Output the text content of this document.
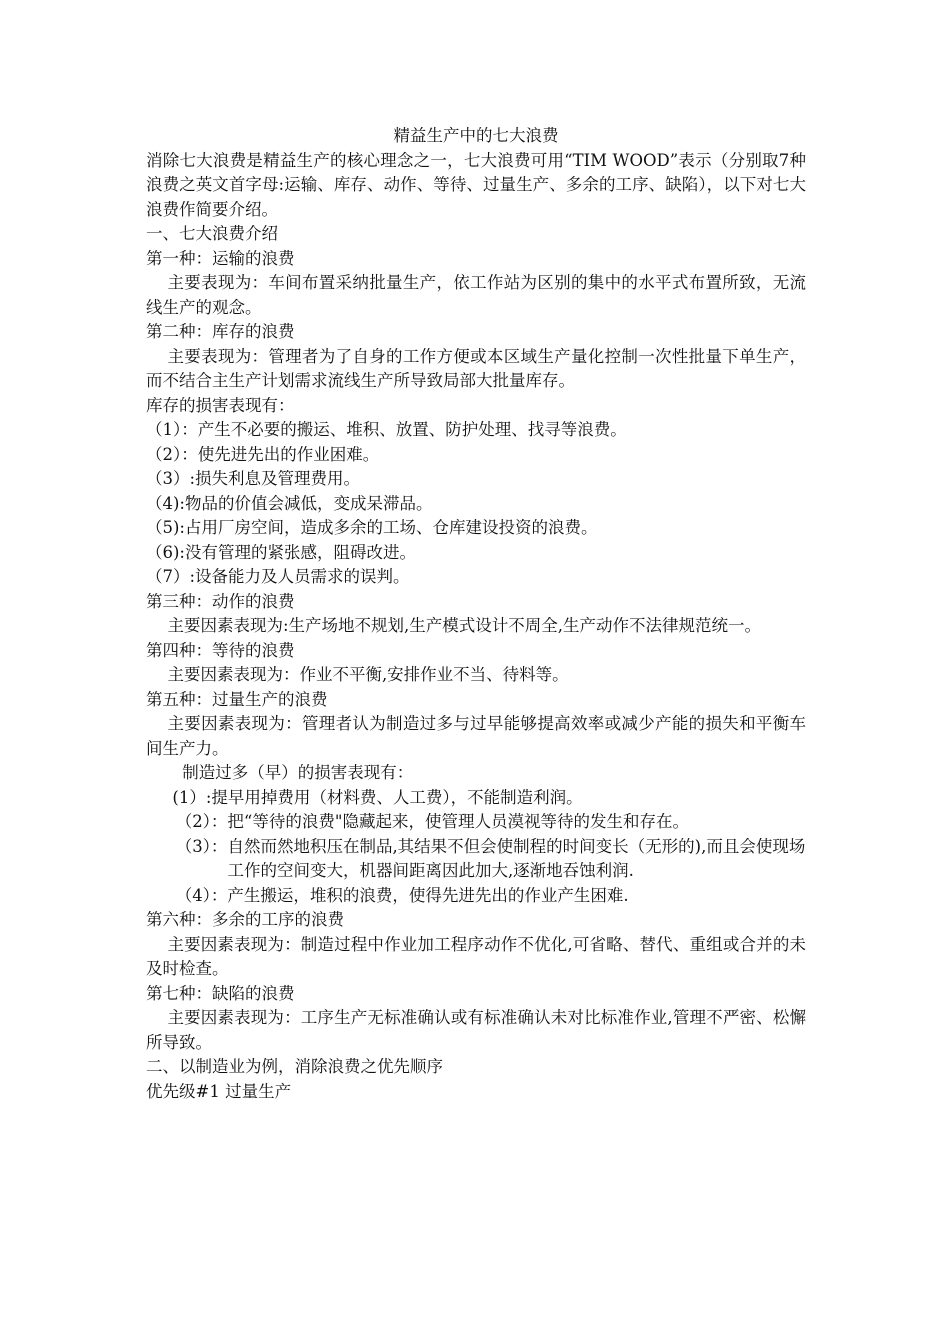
精益生产中的七大浪费

消除七大浪费是精益生产的核心理念之一，七大浪费可用“TIM WOOD”表示（分别取7种浪费之英文首字母:运输、库存、动作、等待、过量生产、多余的工序、缺陷），以下对七大浪费作简要介绍。

一、七大浪费介绍

第一种：运输的浪费

主要表现为：车间布置采纳批量生产，依工作站为区别的集中的水平式布置所致，无流线生产的观念。

第二种：库存的浪费

主要表现为：管理者为了自身的工作方便或本区域生产量化控制一次性批量下单生产，而不结合主生产计划需求流线生产所导致局部大批量库存。

库存的损害表现有：

（1）：产生不必要的搬运、堆积、放置、防护处理、找寻等浪费。

（2）：使先进先出的作业困难。

（3）:损失利息及管理费用。

（4):物品的价值会减低，变成呆滞品。

（5):占用厂房空间，造成多余的工场、仓库建设投资的浪费。

（6):没有管理的紧张感，阻碍改进。

（7）:设备能力及人员需求的误判。

第三种：动作的浪费

主要因素表现为:生产场地不规划,生产模式设计不周全,生产动作不法律规范统一。

第四种：等待的浪费

主要因素表现为：作业不平衡,安排作业不当、待料等。

第五种：过量生产的浪费

主要因素表现为：管理者认为制造过多与过早能够提高效率或减少产能的损失和平衡车间生产力。

制造过多（早）的损害表现有：

(1）:提早用掉费用（材料费、人工费），不能制造利润。

（2）：把“等待的浪费"隐藏起来，使管理人员漠视等待的发生和存在。

（3）： 自然而然地积压在制品,其结果不但会使制程的时间变长（无形的),而且会使现场工作的空间变大，机器间距离因此加大,逐渐地吞蚀利润.

（4）：产生搬运，堆积的浪费，使得先进先出的作业产生困难.

第六种：多余的工序的浪费

主要因素表现为：制造过程中作业加工程序动作不优化,可省略、替代、重组或合并的未及时检查。

第七种：缺陷的浪费

主要因素表现为：工序生产无标准确认或有标准确认未对比标准作业,管理不严密、松懈所导致。

二、以制造业为例，消除浪费之优先顺序

优先级#1 过量生产
